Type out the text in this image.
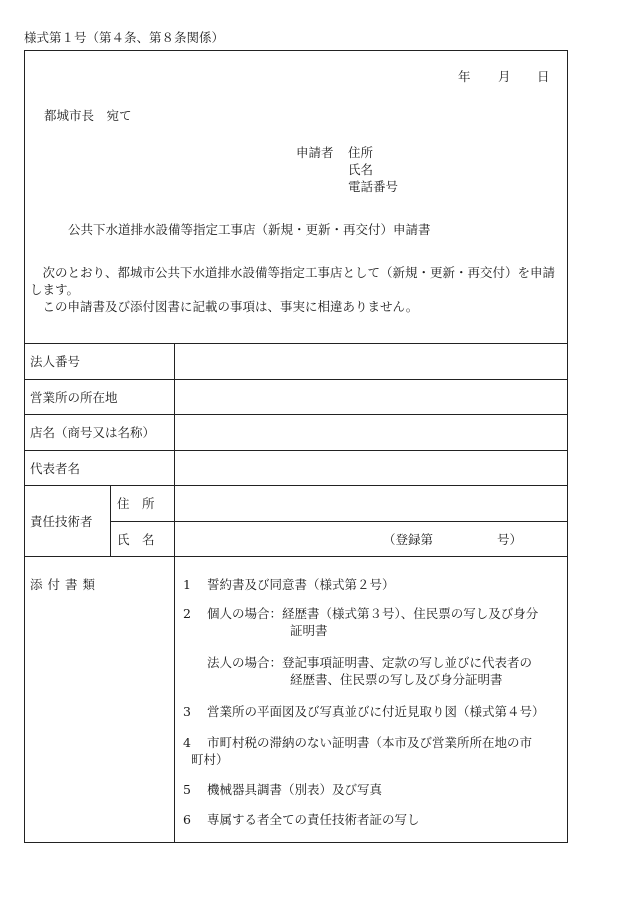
様式第１号（第４条、第８条関係）
年 月 日
都城市長　宛て
申請者 住所
氏名
電話番号
公共下水道排水設備等指定工事店（新規・更新・再交付）申請書

次のとおり、都城市公共下水道排水設備等指定工事店として（新規・更新・再交付）を申請します。

この申請書及び添付図書に記載の事項は、事実に相違ありません。

法人番号
営業所の所在地
店名（商号又は名称）
代表者名
責任技術者
住　所
氏　名	（登録第	号）
添付書類	1 誓約書及び同意書（様式第２号）
2 個人の場合：経歴書（様式第３号）、住民票の写し及び身分
証明書
法人の場合：登記事項証明書、定款の写し並びに代表者の
経歴書、住民票の写し及び身分証明書
3 営業所の平面図及び写真並びに付近見取り図（様式第４号）
4 市町村税の滞納のない証明書（本市及び営業所所在地の市
町村）
5 機械器具調書（別表）及び写真
6 専属する者全ての責任技術者証の写し
